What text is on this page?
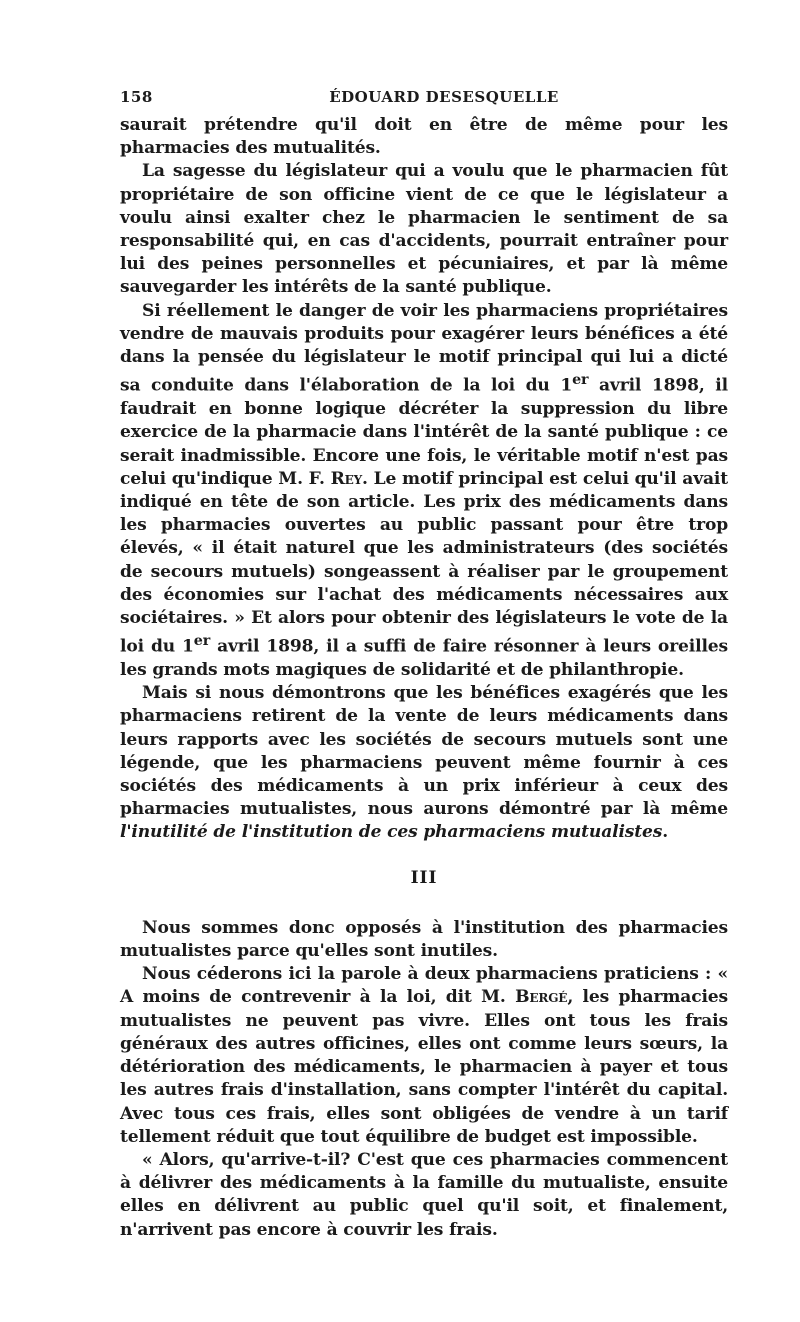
158	ÉDOUARD DESESQUELLE

saurait prétendre qu'il doit en être de même pour les pharmacies des mutualités.

La sagesse du législateur qui a voulu que le pharmacien fût propriétaire de son officine vient de ce que le législateur a voulu ainsi exalter chez le pharmacien le sentiment de sa responsabilité qui, en cas d'accidents, pourrait entraîner pour lui des peines personnelles et pécuniaires, et par là même sauvegarder les intérêts de la santé publique.

Si réellement le danger de voir les pharmaciens propriétaires vendre de mauvais produits pour exagérer leurs bénéfices a été dans la pensée du législateur le motif principal qui lui a dicté sa conduite dans l'élaboration de la loi du 1er avril 1898, il faudrait en bonne logique décréter la suppression du libre exercice de la pharmacie dans l'intérêt de la santé publique : ce serait inadmissible. Encore une fois, le véritable motif n'est pas celui qu'indique M. F. Rey. Le motif principal est celui qu'il avait indiqué en tête de son article. Les prix des médicaments dans les pharmacies ouvertes au public passant pour être trop élevés, « il était naturel que les administrateurs (des sociétés de secours mutuels) songeassent à réaliser par le groupement des économies sur l'achat des médicaments nécessaires aux sociétaires. » Et alors pour obtenir des législateurs le vote de la loi du 1er avril 1898, il a suffi de faire résonner à leurs oreilles les grands mots magiques de solidarité et de philanthropie.

Mais si nous démontrons que les bénéfices exagérés que les pharmaciens retirent de la vente de leurs médicaments dans leurs rapports avec les sociétés de secours mutuels sont une légende, que les pharmaciens peuvent même fournir à ces sociétés des médicaments à un prix inférieur à ceux des pharmacies mutualistes, nous aurons démontré par là même l'inutilité de l'institution de ces pharmaciens mutualistes.

III

Nous sommes donc opposés à l'institution des pharmacies mutualistes parce qu'elles sont inutiles.

Nous céderons ici la parole à deux pharmaciens praticiens : « A moins de contrevenir à la loi, dit M. Bergé, les pharmacies mutualistes ne peuvent pas vivre. Elles ont tous les frais généraux des autres officines, elles ont comme leurs sœurs, la détérioration des médicaments, le pharmacien à payer et tous les autres frais d'installation, sans compter l'intérêt du capital. Avec tous ces frais, elles sont obligées de vendre à un tarif tellement réduit que tout équilibre de budget est impossible.

« Alors, qu'arrive-t-il? C'est que ces pharmacies commencent à délivrer des médicaments à la famille du mutualiste, ensuite elles en délivrent au public quel qu'il soit, et finalement, n'arrivent pas encore à couvrir les frais.
